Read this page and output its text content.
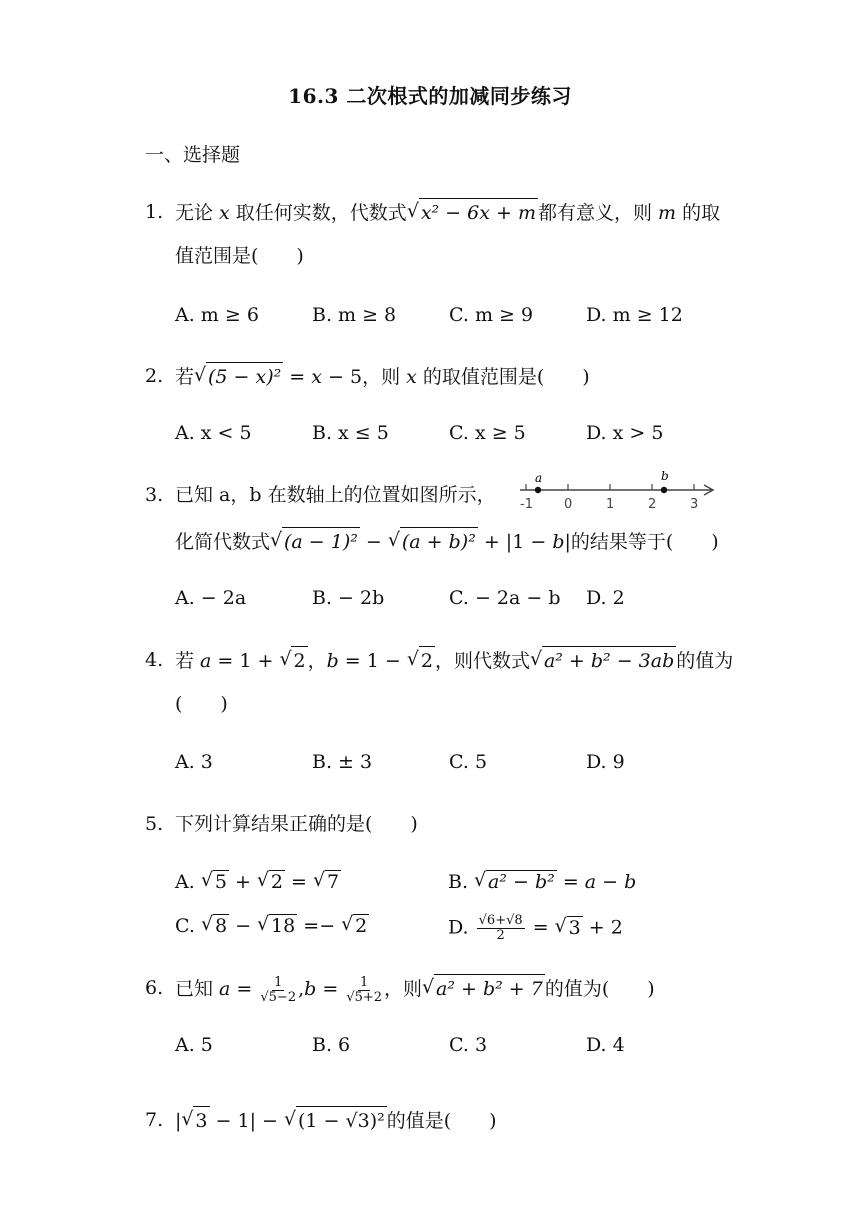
16.3 二次根式的加减同步练习
一、选择题
1. 无论 x 取任何实数，代数式 √ x² − 6x + m 都有意义，则 m 的取
值范围是(　　)
A. m ≥ 6	B. m ≥ 8	C. m ≥ 9	D. m ≥ 12
2. 若 √ (5 − x)² = x − 5，则 x 的取值范围是(　　)
A. x < 5	B. x ≤ 5	C. x ≥ 5	D. x > 5
3. 已知 a，b 在数轴上的位置如图所示，
a	b
-1 0	1	2	3
化简代数式 √ (a − 1)² − √ (a + b)² + |1 − b|的结果等于(　　)
A. − 2a	B. − 2b	C. − 2a − b	D. 2
4. 若 a = 1 + √ 2 ，b = 1 − √ 2 ，则代数式 √ a² + b² − 3ab 的值为
(　　)
A. 3	B. ± 3	C. 5	D. 9
5. 下列计算结果正确的是(　　)
A. √ 5 + √ 2 = √ 7	B. √ a² − b² = a − b
C. √ 8 − √ 18 =− √ 2	D. $\frac{√6+√8}{2}$ = √ 3 + 2
6. 已知 $a = \frac{1}{√5-2} ,b = \frac{1}{√5+2}$ ，则 √ a² + b² + 7 的值为(　　)
A. 5	B. 6	C. 3	D. 4
7. | √ 3 − 1| − √ (1 − √3)² 的值是(　　)
